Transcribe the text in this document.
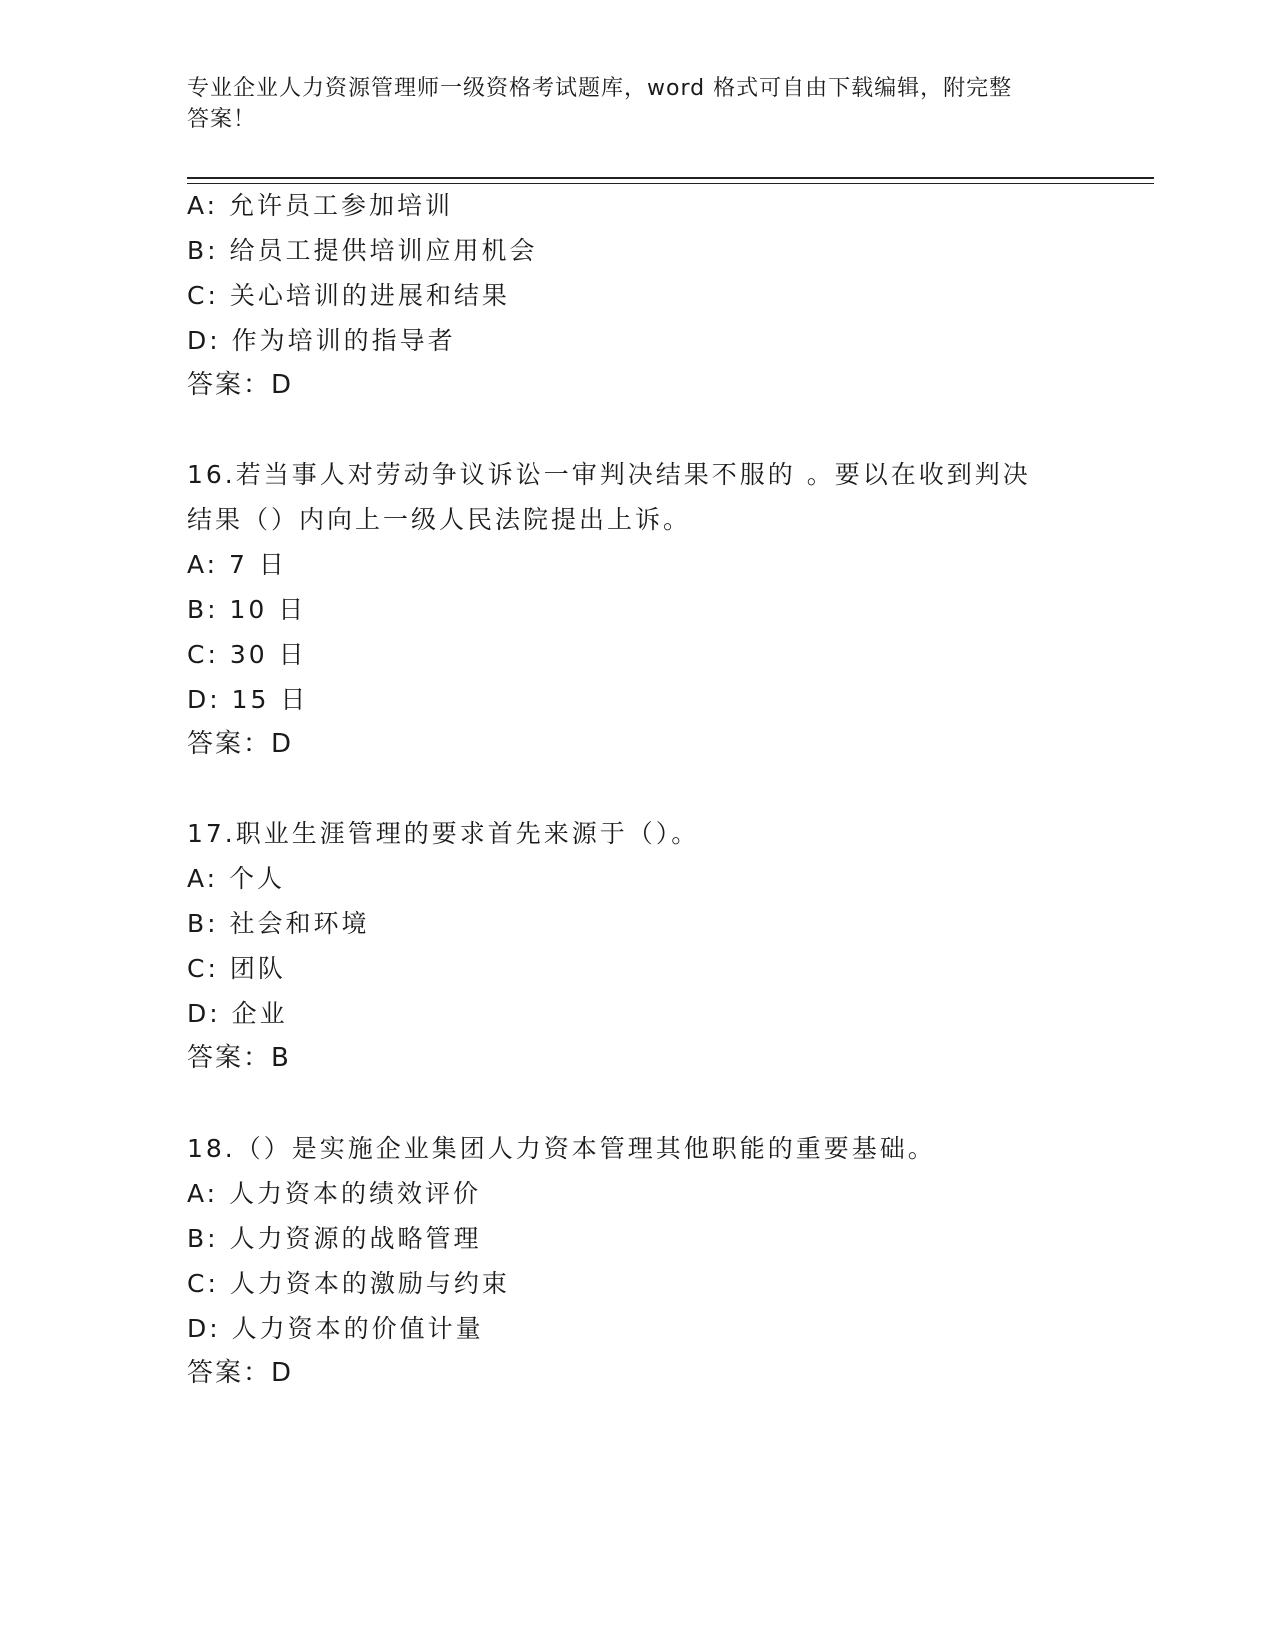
专业企业人力资源管理师一级资格考试题库，word 格式可自由下载编辑，附完整
答案！
A: 允许员工参加培训
B: 给员工提供培训应用机会
C: 关心培训的进展和结果
D: 作为培训的指导者
答案：D
16.若当事人对劳动争议诉讼一审判决结果不服的 。要以在收到判决
结果（）内向上一级人民法院提出上诉。
A: 7 日
B: 10 日
C: 30 日
D: 15 日
答案：D
17.职业生涯管理的要求首先来源于（）。
A: 个人
B: 社会和环境
C: 团队
D: 企业
答案：B
18.（）是实施企业集团人力资本管理其他职能的重要基础。
A: 人力资本的绩效评价
B: 人力资源的战略管理
C: 人力资本的激励与约束
D: 人力资本的价值计量
答案：D
